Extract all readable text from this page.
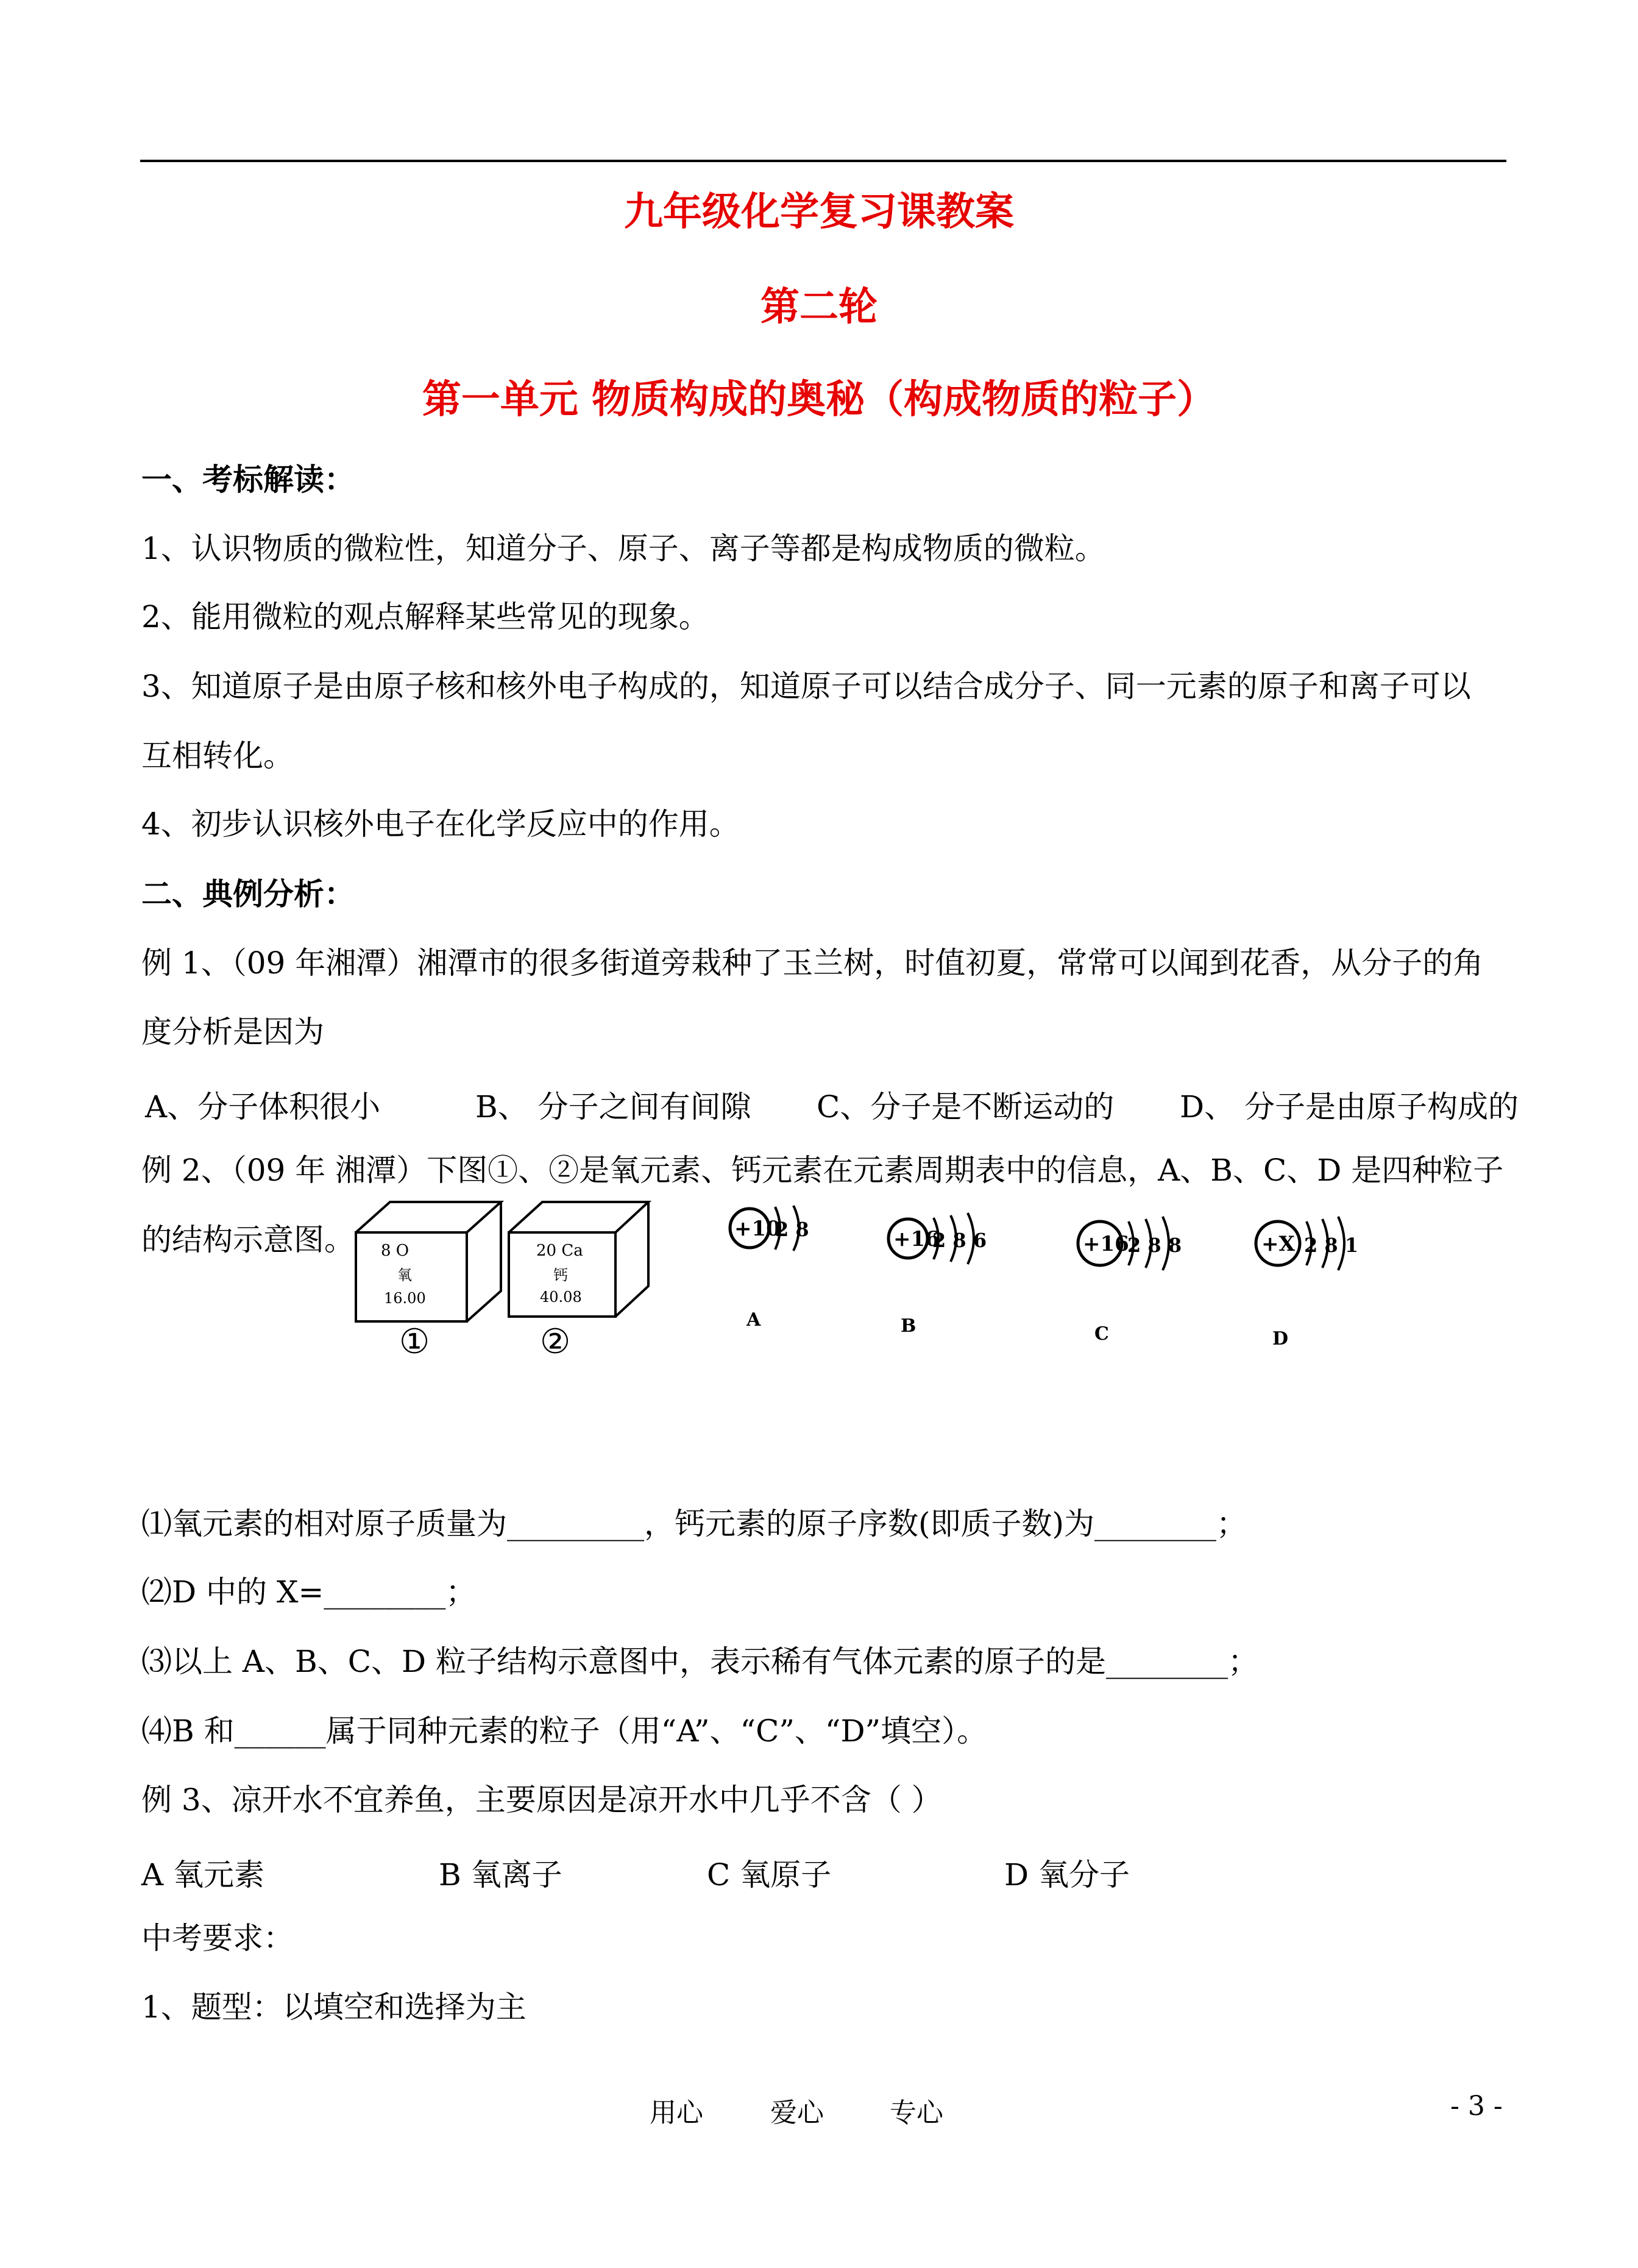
九年级化学复习课教案
第二轮
第一单元 物质构成的奥秘（构成物质的粒子）
一、考标解读：
1、认识物质的微粒性，知道分子、原子、离子等都是构成物质的微粒。
2、能用微粒的观点解释某些常见的现象。
3、知道原子是由原子核和核外电子构成的，知道原子可以结合成分子、同一元素的原子和离子可以
互相转化。
4、初步认识核外电子在化学反应中的作用。
二、典例分析：
例 1、（09 年湘潭）湘潭市的很多街道旁栽种了玉兰树，时值初夏，常常可以闻到花香，从分子的角
度分析是因为
A、分子体积很小	B、 分子之间有间隙 C、分子是不断运动的 D、 分子是由原子构成的
例 2、（09 年 湘潭）下图①、②是氧元素、钙元素在元素周期表中的信息，A、B、C、D 是四种粒子
的结构示意图。 8 O
氧
16.00
①
20 Ca
钙
40.08
②
+10
2 8
A
+16
2 8 6
B
+16
2 8 8
C
+X 2 8 1
D
⑴氧元素的相对原子质量为_________，钙元素的原子序数(即质子数)为________；
⑵D 中的 X=________；
⑶以上 A、B、C、D 粒子结构示意图中，表示稀有气体元素的原子的是________；
⑷B 和______属于同种元素的粒子（用“A”、“C”、“D”填空）。
例 3、凉开水不宜养鱼，主要原因是凉开水中几乎不含（ ）
A 氧元素	B 氧离子	C 氧原子	D 氧分子
中考要求：
1、题型：以填空和选择为主
用心	爱心 专心	- 3 -
